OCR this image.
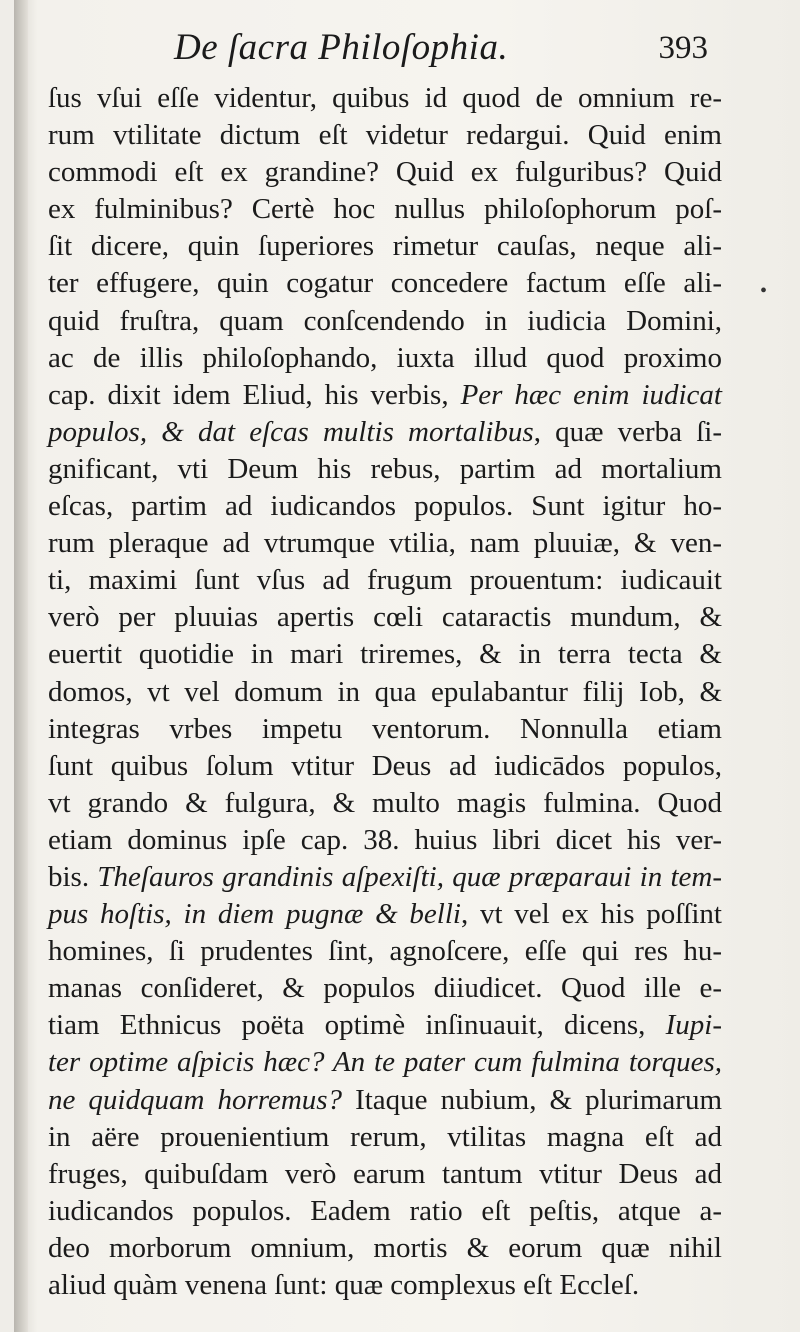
De ſacra Philoſophia.	393
ſus vſui eſſe videntur, quibus id quod de omnium re-
rum vtilitate dictum eſt videtur redargui. Quid enim
commodi eſt ex grandine? Quid ex fulguribus? Quid
ex fulminibus? Certè hoc nullus philoſophorum poſ-
ſit dicere, quin ſuperiores rimetur cauſas, neque ali-
ter effugere, quin cogatur concedere factum eſſe ali-
quid fruſtra, quam conſcendendo in iudicia Domini,
ac de illis philoſophando, iuxta illud quod proximo
cap. dixit idem Eliud, his verbis, Per hæc enim iudicat
populos, & dat eſcas multis mortalibus, quæ verba ſi-
gnificant, vti Deum his rebus, partim ad mortalium
eſcas, partim ad iudicandos populos. Sunt igitur ho-
rum pleraque ad vtrumque vtilia, nam pluuiæ, & ven-
ti, maximi ſunt vſus ad frugum prouentum: iudicauit
verò per pluuias apertis cœli cataractis mundum, &
euertit quotidie in mari triremes, & in terra tecta &
domos, vt vel domum in qua epulabantur filij Iob, &
integras vrbes impetu ventorum. Nonnulla etiam
ſunt quibus ſolum vtitur Deus ad iudicādos populos,
vt grando & fulgura, & multo magis fulmina. Quod
etiam dominus ipſe cap. 38. huius libri dicet his ver-
bis. Theſauros grandinis aſpexiſti, quæ præparaui in tem-
pus hoſtis, in diem pugnæ & belli, vt vel ex his poſſint
homines, ſi prudentes ſint, agnoſcere, eſſe qui res hu-
manas conſideret, & populos diiudicet. Quod ille e-
tiam Ethnicus poëta optimè inſinuauit, dicens, Iupi-
ter optime aſpicis hæc? An te pater cum fulmina torques,
ne quidquam horremus? Itaque nubium, & plurimarum
in aëre prouenientium rerum, vtilitas magna eſt ad
fruges, quibuſdam verò earum tantum vtitur Deus ad
iudicandos populos. Eadem ratio eſt peſtis, atque a-
deo morborum omnium, mortis & eorum quæ nihil
aliud quàm venena ſunt: quæ complexus eſt Eccleſ.
•
